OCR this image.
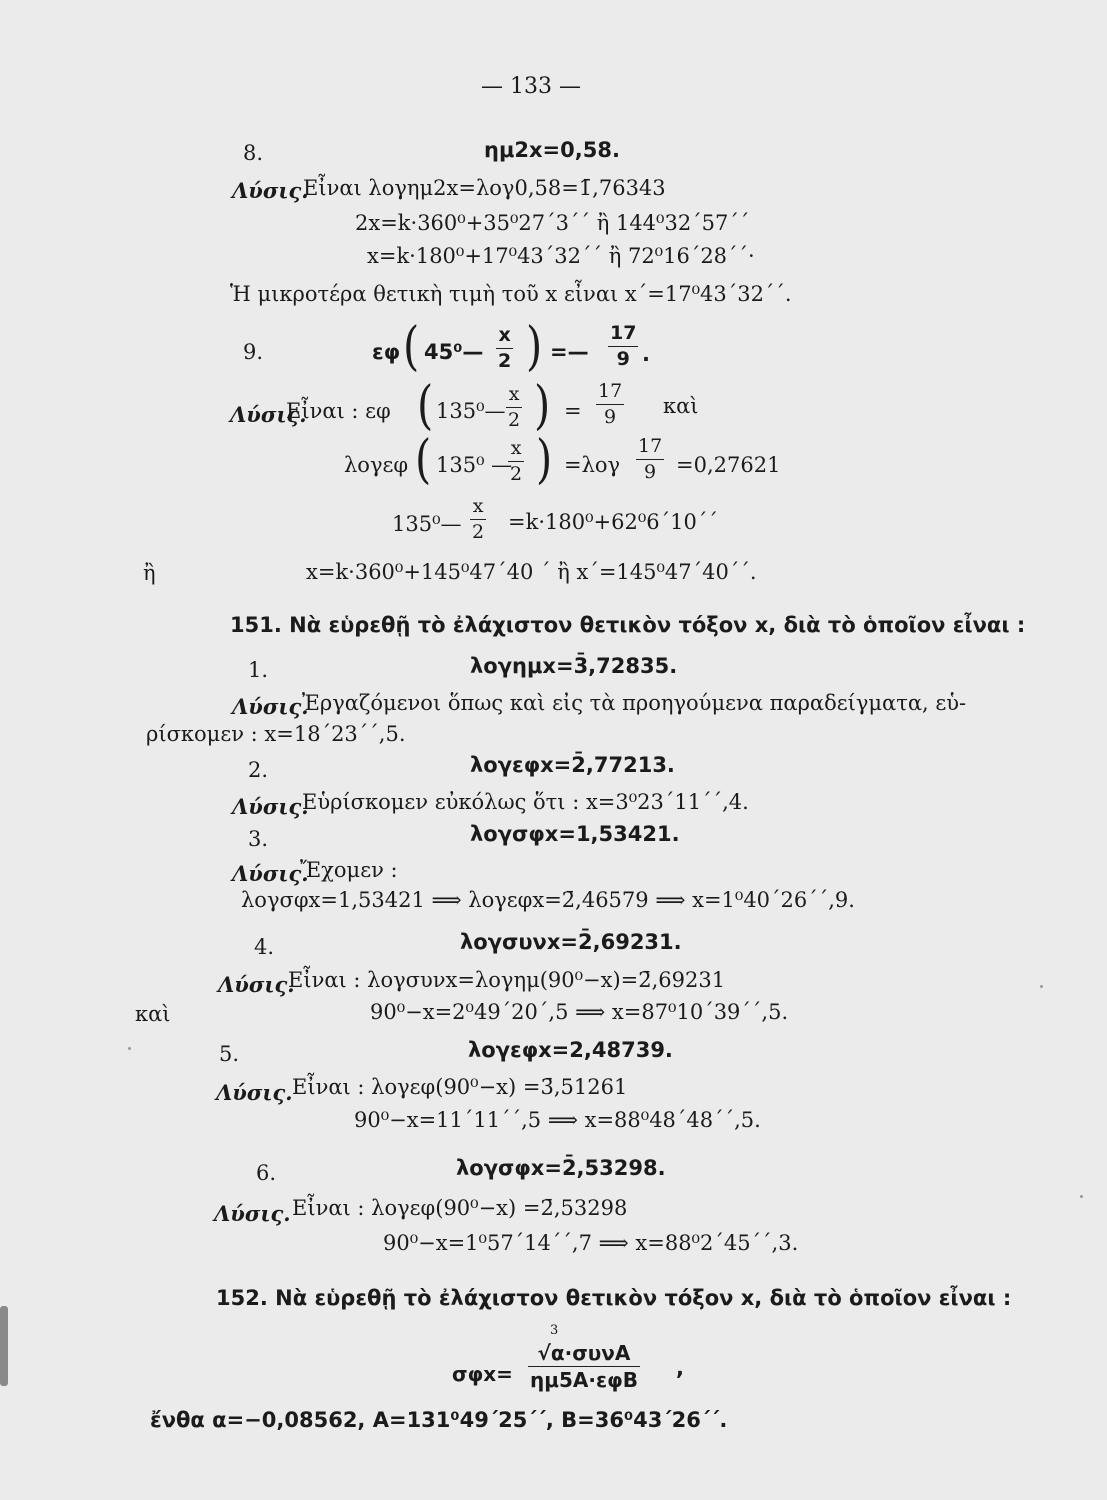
— 133 —
8.	ημ2x=0,58.
Λύσις.
Εἶναι λογημ2x=λογ0,58=1̄,76343
2x=k·360⁰+35⁰27΄3΄΄ ἢ 144⁰32΄57΄΄
x=k·180⁰+17⁰43΄32΄΄ ἢ 72⁰16΄28΄΄·
Ἡ μικροτέρα θετικὴ τιμὴ τοῦ x εἶναι x΄=17⁰43΄32΄΄.
9.	εφ ( 45⁰— $\frac{x}{2}$ ) =— $\frac{17}{9}$ .
Λύσις.
Εἶναι : εφ ( 135⁰— $\frac{x}{2}$ ) = $\frac{17}{9}$ καὶ
λογεφ ( 135⁰ —
$\frac{x}{2}$ ) $=\lambda o\gamma \frac{17}{9} =0,27621$
135⁰— $\frac{x}{2} =k\cdot 180^0+62^06΄10΄΄$
ἢ	x=k·360⁰+145⁰47΄40 ΄ ἢ x΄=145⁰47΄40΄΄.
151. Νὰ εὑρεθῇ τὸ ἐλάχιστον θετικὸν τόξον x, διὰ τὸ ὁποῖον εἶναι :
1.	λογημx=3̄,72835.
Λύσις.
Ἐργαζόμενοι ὅπως καὶ εἰς τὰ προηγούμενα παραδείγματα, εὑ-
ρίσκομεν : x=18΄23΄΄,5.
2.	λογεφx=2̄,77213.
Λύσις.
Εὑρίσκομεν εὐκόλως ὅτι : x=3⁰23΄11΄΄,4.
3.	λογσφx=1,53421.
Λύσις.
Ἔχομεν :
λογσφx=1,53421 ⟹ λογεφx=2̄,46579 ⟹ x=1⁰40΄26΄΄,9.
4.	λογσυνx=2̄,69231.
Λύσις.
Εἶναι : λογσυνx=λογημ(90⁰−x)=2̄,69231
καὶ	90⁰−x=2⁰49΄20΄,5 ⟹ x=87⁰10΄39΄΄,5.
5.	λογεφx=2,48739.
Λύσις. Εἶναι : λογεφ(90⁰−x) =3̄,51261
90⁰−x=11΄11΄΄,5 ⟹ x=88⁰48΄48΄΄,5.
6.	λογσφx=2̄,53298.
Λύσις. Εἶναι : λογεφ(90⁰−x) =2̄,53298
90⁰−x=1⁰57΄14΄΄,7 ⟹ x=88⁰2΄45΄΄,3.
152. Νὰ εὑρεθῇ τὸ ἐλάχιστον θετικὸν τόξον x, διὰ τὸ ὁποῖον εἶναι :
σφx=
3
√α·συνA
ημ5A·εφB ,
ἔνθα α=−0,08562, A=131⁰49΄25΄΄, B=36⁰43΄26΄΄.
